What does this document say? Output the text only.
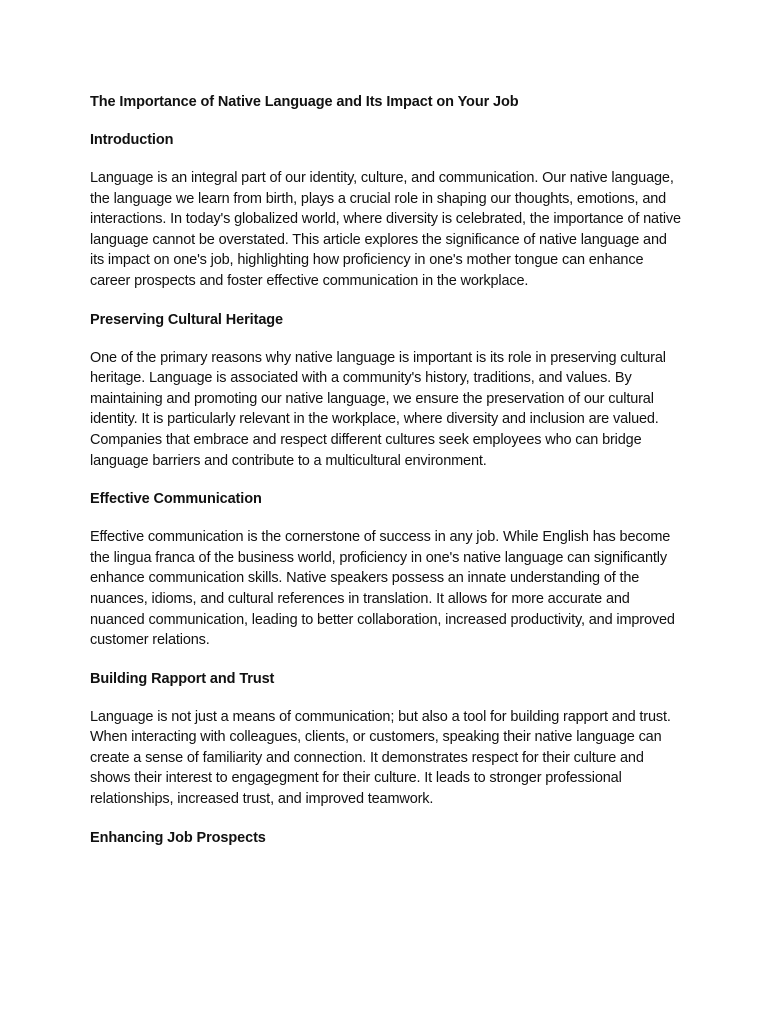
The Importance of Native Language and Its Impact on Your Job
Introduction

Language is an integral part of our identity, culture, and communication. Our native language, the language we learn from birth, plays a crucial role in shaping our thoughts, emotions, and interactions. In today's globalized world, where diversity is celebrated, the importance of native language cannot be overstated. This article explores the significance of native language and its impact on one's job, highlighting how proficiency in one's mother tongue can enhance career prospects and foster effective communication in the workplace.

Preserving Cultural Heritage

One of the primary reasons why native language is important is its role in preserving cultural heritage. Language is associated with a community's history, traditions, and values. By maintaining and promoting our native language, we ensure the preservation of our cultural identity. It is particularly relevant in the workplace, where diversity and inclusion are valued. Companies that embrace and respect different cultures seek employees who can bridge language barriers and contribute to a multicultural environment.

Effective Communication

Effective communication is the cornerstone of success in any job. While English has become the lingua franca of the business world, proficiency in one's native language can significantly enhance communication skills. Native speakers possess an innate understanding of the nuances, idioms, and cultural references in translation. It allows for more accurate and nuanced communication, leading to better collaboration, increased productivity, and improved customer relations.

Building Rapport and Trust

Language is not just a means of communication; but also a tool for building rapport and trust. When interacting with colleagues, clients, or customers, speaking their native language can create a sense of familiarity and connection. It demonstrates respect for their culture and shows their interest to engagegment for their culture. It leads to stronger professional relationships, increased trust, and improved teamwork.

Enhancing Job Prospects
